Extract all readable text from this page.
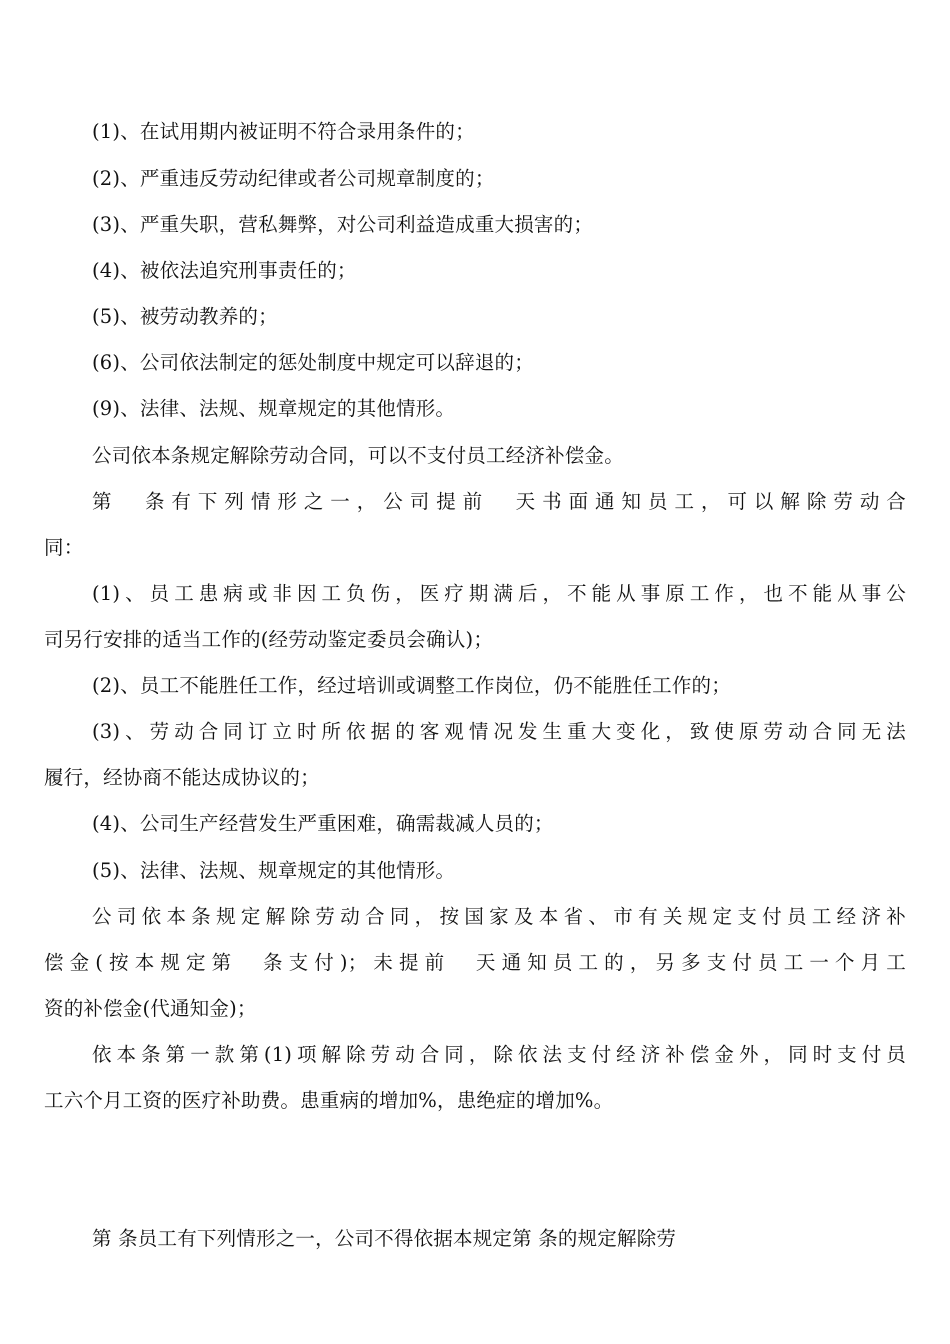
(1)、在试用期内被证明不符合录用条件的；
(2)、严重违反劳动纪律或者公司规章制度的；
(3)、严重失职，营私舞弊，对公司利益造成重大损害的；
(4)、被依法追究刑事责任的；
(5)、被劳动教养的；
(6)、公司依法制定的惩处制度中规定可以辞退的；
(9)、法律、法规、规章规定的其他情形。
公司依本条规定解除劳动合同，可以不支付员工经济补偿金。
第　条有下列情形之一，公司提前　天书面通知员工，可以解除劳动合
同：
(1)、员工患病或非因工负伤，医疗期满后，不能从事原工作，也不能从事公
司另行安排的适当工作的(经劳动鉴定委员会确认)；
(2)、员工不能胜任工作，经过培训或调整工作岗位，仍不能胜任工作的；
(3)、劳动合同订立时所依据的客观情况发生重大变化，致使原劳动合同无法
履行，经协商不能达成协议的；
(4)、公司生产经营发生严重困难，确需裁减人员的；
(5)、法律、法规、规章规定的其他情形。
公司依本条规定解除劳动合同，按国家及本省、市有关规定支付员工经济补
偿金(按本规定第　条支付)；未提前　天通知员工的，另多支付员工一个月工
资的补偿金(代通知金)；
依本条第一款第(1)项解除劳动合同，除依法支付经济补偿金外，同时支付员
工六个月工资的医疗补助费。患重病的增加%，患绝症的增加%。
第 条员工有下列情形之一，公司不得依据本规定第 条的规定解除劳
